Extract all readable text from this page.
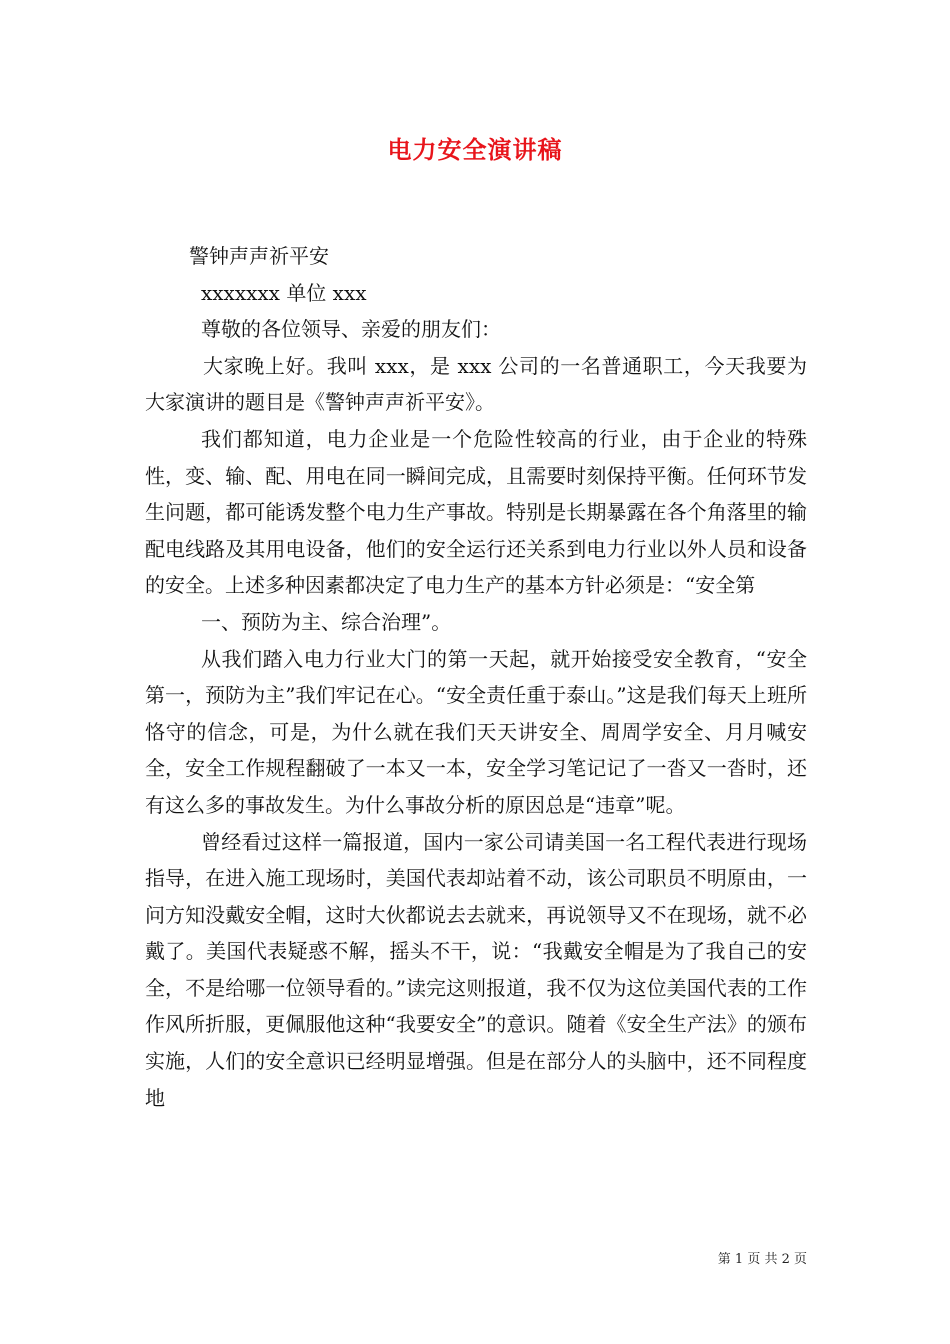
电力安全演讲稿

警钟声声祈平安

xxxxxxx 单位 xxx

尊敬的各位领导、亲爱的朋友们：

大家晚上好。我叫 xxx，是 xxx 公司的一名普通职工，今天我要为大家演讲的题目是《警钟声声祈平安》。

我们都知道，电力企业是一个危险性较高的行业，由于企业的特殊性，变、输、配、用电在同一瞬间完成，且需要时刻保持平衡。任何环节发生问题，都可能诱发整个电力生产事故。特别是长期暴露在各个角落里的输配电线路及其用电设备，他们的安全运行还关系到电力行业以外人员和设备的安全。上述多种因素都决定了电力生产的基本方针必须是：“安全第

一、预防为主、综合治理”。

从我们踏入电力行业大门的第一天起，就开始接受安全教育，“安全第一，预防为主”我们牢记在心。“安全责任重于泰山。”这是我们每天上班所恪守的信念，可是，为什么就在我们天天讲安全、周周学安全、月月喊安全，安全工作规程翻破了一本又一本，安全学习笔记记了一沓又一沓时，还有这么多的事故发生。为什么事故分析的原因总是“违章”呢。

曾经看过这样一篇报道，国内一家公司请美国一名工程代表进行现场指导，在进入施工现场时，美国代表却站着不动，该公司职员不明原由，一问方知没戴安全帽，这时大伙都说去去就来，再说领导又不在现场，就不必戴了。美国代表疑惑不解，摇头不干，说：“我戴安全帽是为了我自己的安全，不是给哪一位领导看的。”读完这则报道，我不仅为这位美国代表的工作作风所折服，更佩服他这种“我要安全”的意识。随着《安全生产法》的颁布实施，人们的安全意识已经明显增强。但是在部分人的头脑中，还不同程度地

第 1 页 共 2 页
